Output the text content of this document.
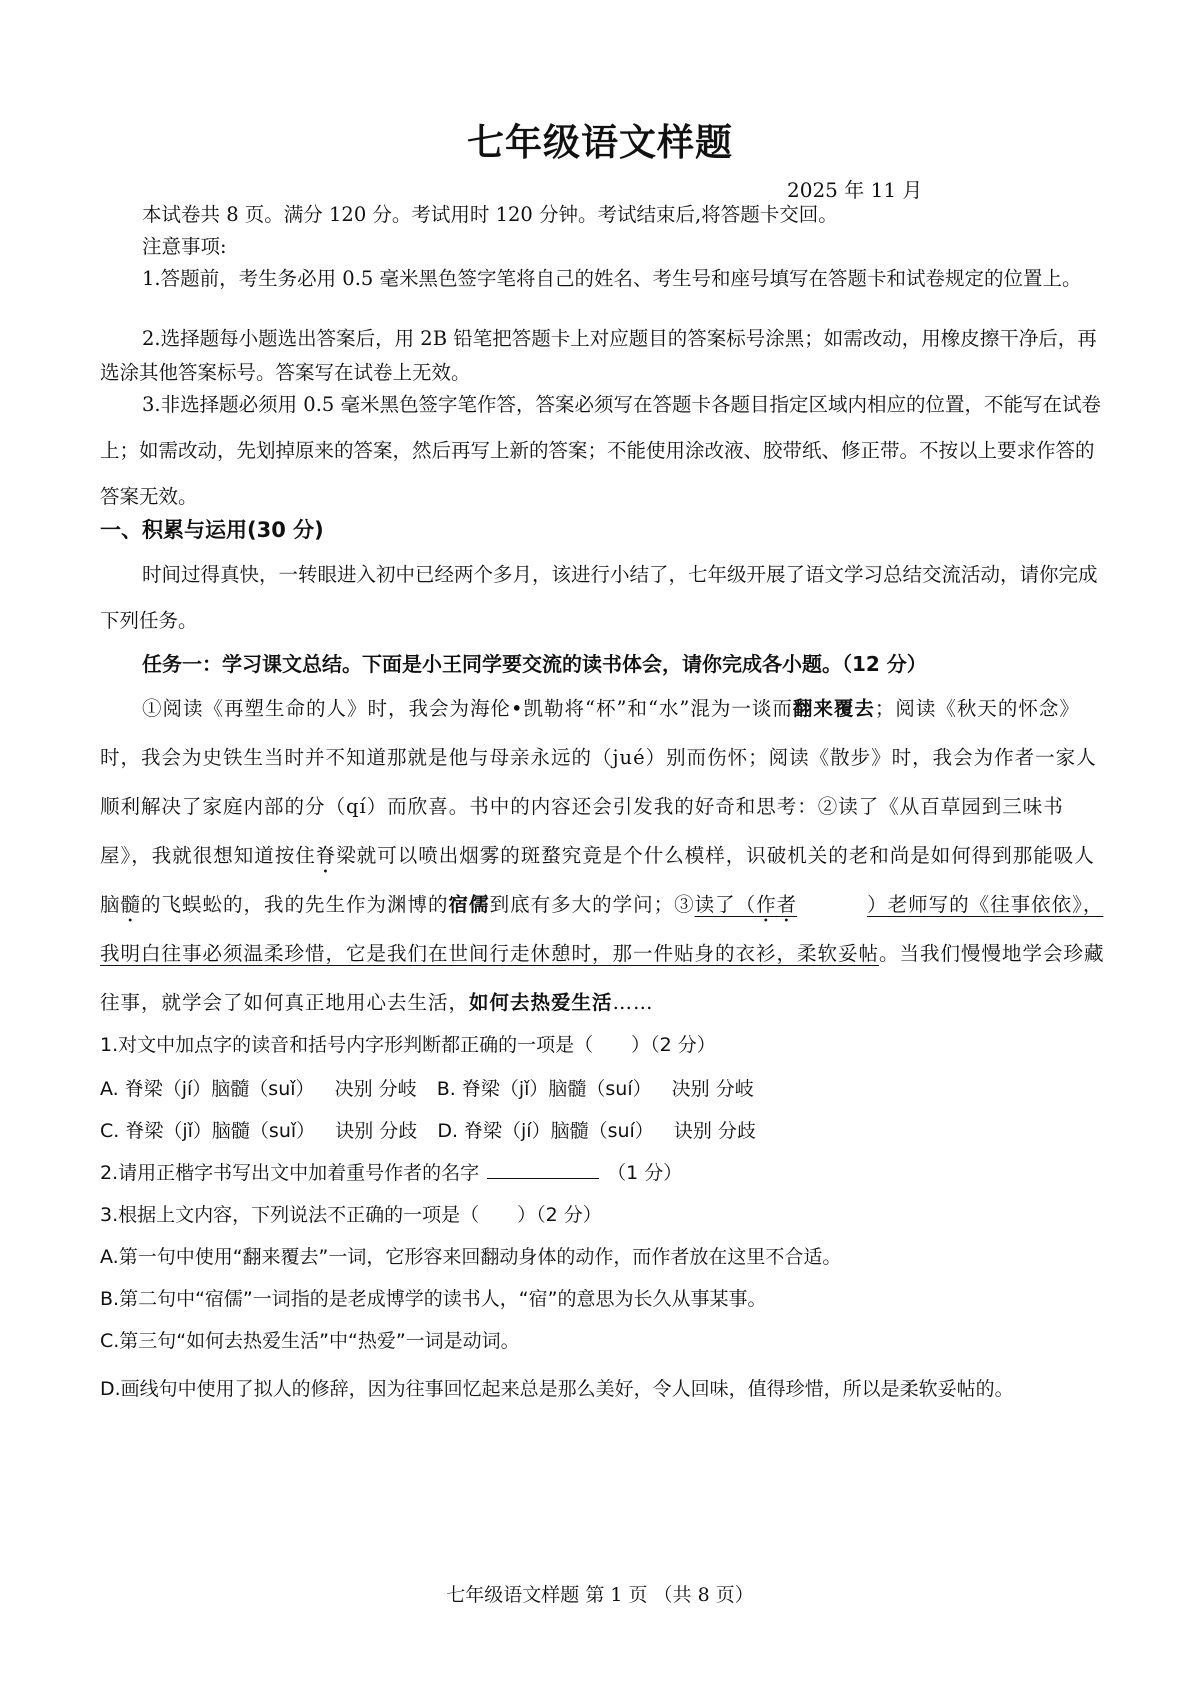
七年级语文样题
2025 年 11 月

本试卷共 8 页。满分 120 分。考试用时 120 分钟。考试结束后,将答题卡交回。

注意事项:

1.答题前，考生务必用 0.5 毫米黑色签字笔将自己的姓名、考生号和座号填写在答题卡和试卷规定的位置上。

2.选择题每小题选出答案后，用 2B 铅笔把答题卡上对应题目的答案标号涂黑；如需改动，用橡皮擦干净后，再选涂其他答案标号。答案写在试卷上无效。

3.非选择题必须用 0.5 毫米黑色签字笔作答，答案必须写在答题卡各题目指定区域内相应的位置，不能写在试卷上；如需改动，先划掉原来的答案，然后再写上新的答案；不能使用涂改液、胶带纸、修正带。不按以上要求作答的答案无效。

一、积累与运用(30 分)

时间过得真快，一转眼进入初中已经两个多月，该进行小结了，七年级开展了语文学习总结交流活动，请你完成下列任务。

任务一：学习课文总结。下面是小王同学要交流的读书体会，请你完成各小题。（12 分）

①阅读《再塑生命的人》时，我会为海伦•凯勒将“杯”和“水”混为一谈而翻来覆去；阅读《秋天的怀念》时，我会为史铁生当时并不知道那就是他与母亲永远的（jué）别而伤怀；阅读《散步》时，我会为作者一家人顺利解决了家庭内部的分（qí）而欣喜。书中的内容还会引发我的好奇和思考：②读了《从百草园到三味书屋》，我就很想知道按住脊梁就可以喷出烟雾的斑蝥究竟是个什么模样，识破机关的老和尚是如何得到那能吸人脑髓的飞蜈蚣的，我的先生作为渊博的宿儒到底有多大的学问；③读了（作者	）老师写的《往事依依》，我明白往事必须温柔珍惜，它是我们在世间行走休憩时，那一件贴身的衣衫，柔软妥帖。当我们慢慢地学会珍藏往事，就学会了如何真正地用心去生活，如何去热爱生活……

1.对文中加点字的读音和括号内字形判断都正确的一项是（　　）（2 分）
A. 脊梁（jí）脑髓（suǐ） 决别 分岐 B. 脊梁（jǐ）脑髓（suí） 决别 分岐
C. 脊梁（jǐ）脑髓（suǐ） 诀别 分歧 D. 脊梁（jí）脑髓（suí） 诀别 分歧
2.请用正楷字书写出文中加着重号作者的名字	（1 分）
3.根据上文内容，下列说法不正确的一项是（　　）（2 分）
A.第一句中使用“翻来覆去”一词，它形容来回翻动身体的动作，而作者放在这里不合适。
B.第二句中“宿儒”一词指的是老成博学的读书人，“宿”的意思为长久从事某事。
C.第三句“如何去热爱生活”中“热爱”一词是动词。
D.画线句中使用了拟人的修辞，因为往事回忆起来总是那么美好，令人回味，值得珍惜，所以是柔软妥帖的。
七年级语文样题 第 1 页 （共 8 页）
